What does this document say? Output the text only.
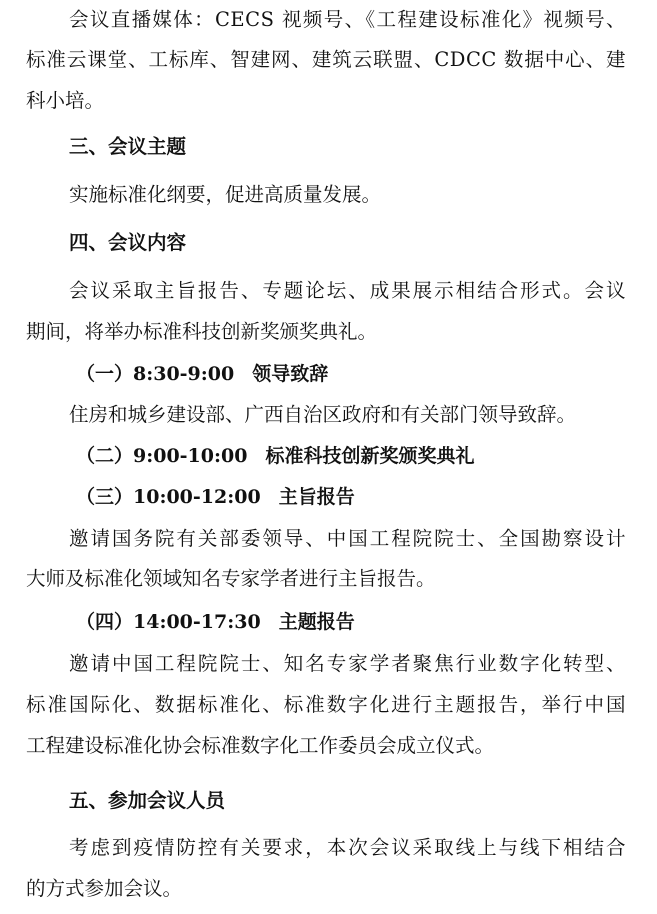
会议直播媒体：CECS 视频号、《工程建设标准化》视频号、
标准云课堂、工标库、智建网、建筑云联盟、CDCC 数据中心、建
科小培。
三、会议主题
实施标准化纲要，促进高质量发展。
四、会议内容
会议采取主旨报告、专题论坛、成果展示相结合形式。会议
期间，将举办标准科技创新奖颁奖典礼。
（一）8:30-9:00 领导致辞
住房和城乡建设部、广西自治区政府和有关部门领导致辞。
（二）9:00-10:00 标准科技创新奖颁奖典礼
（三）10:00-12:00 主旨报告
邀请国务院有关部委领导、中国工程院院士、全国勘察设计
大师及标准化领域知名专家学者进行主旨报告。
（四）14:00-17:30 主题报告
邀请中国工程院院士、知名专家学者聚焦行业数字化转型、
标准国际化、数据标准化、标准数字化进行主题报告，举行中国
工程建设标准化协会标准数字化工作委员会成立仪式。
五、参加会议人员
考虑到疫情防控有关要求，本次会议采取线上与线下相结合
的方式参加会议。
